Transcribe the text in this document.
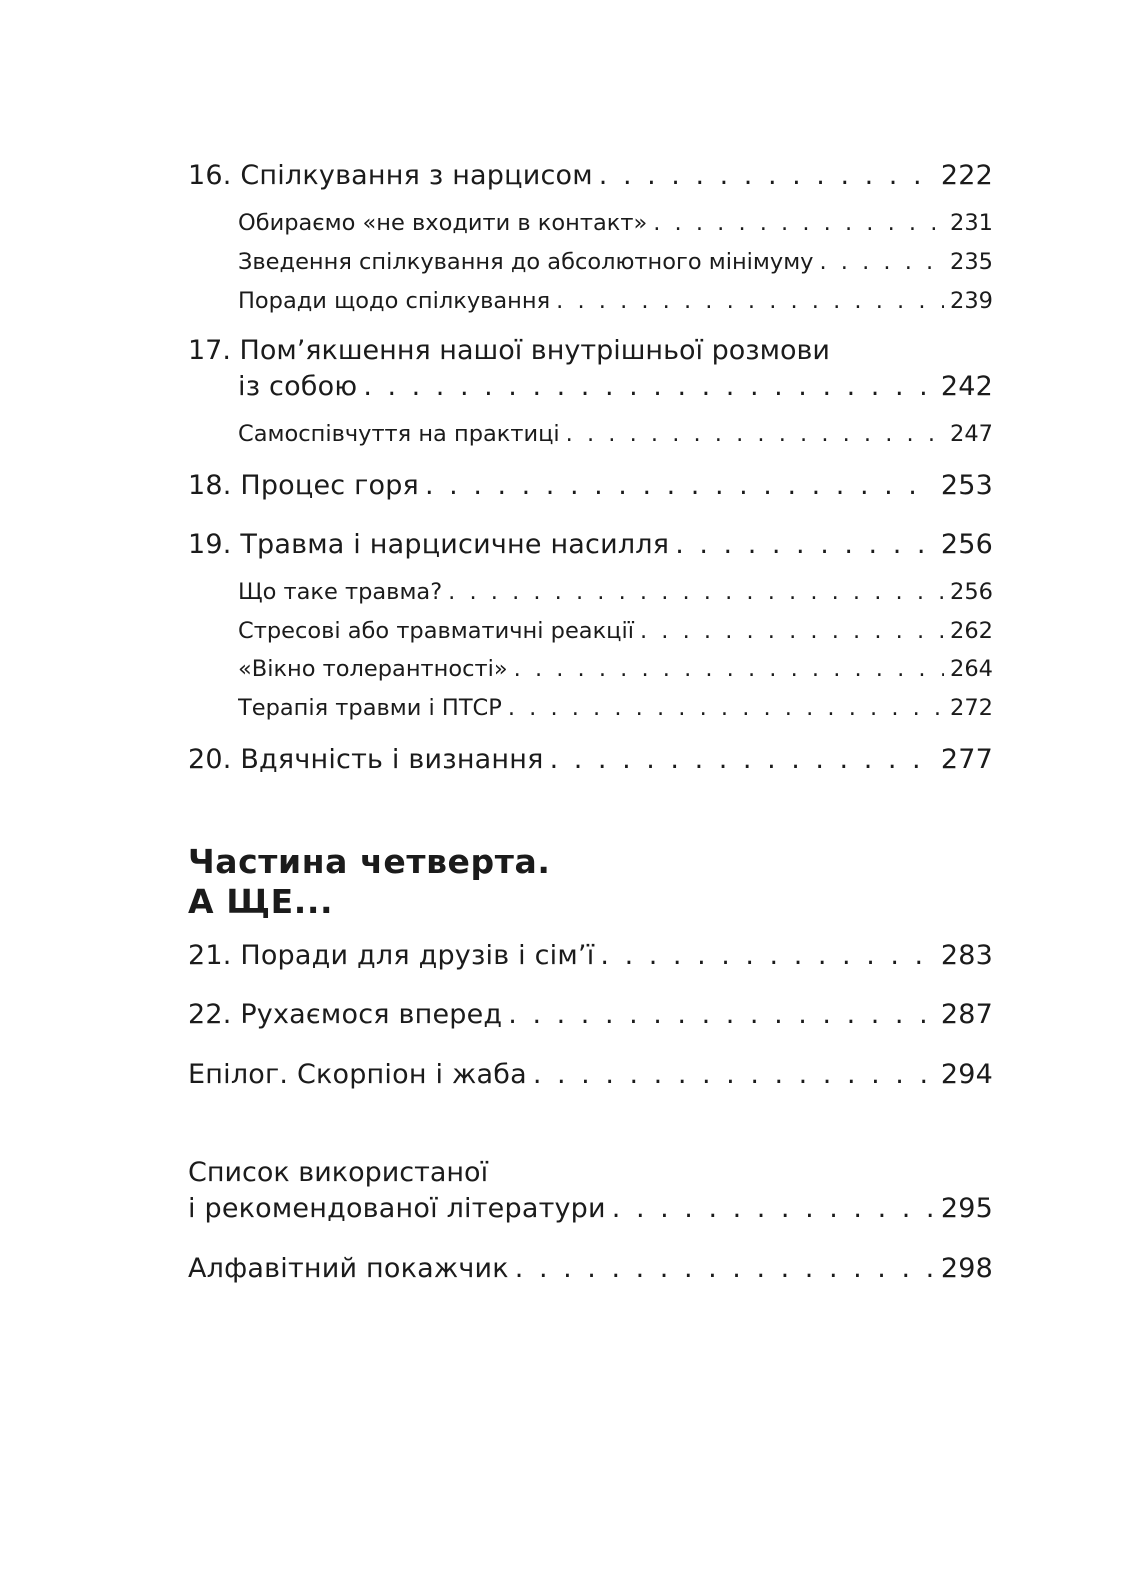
16. Спілкування з нарцисом . . .	222
Обираємо «не входити в контакт» . . .	231
Зведення спілкування до абсолютного мінімуму . . .	235
Поради щодо спілкування . . .	239
17. Пом’якшення нашої внутрішньої розмови
із собою . . .	242
Самоспівчуття на практиці . . .	247
18. Процес горя . . .	253
19. Травма і нарцисичне насилля . . .	256
Що таке травма? . . .	256
Стресові або травматичні реакції . . .	262
«Вікно толерантності» . . .	264
Терапія травми і ПТСР . . .	272
20. Вдячність і визнання . . .	277
Частина четверта.
А ЩЕ...
21. Поради для друзів і сім’ї . . .	283
22. Рухаємося вперед . . .	287
Епілог. Скорпіон і жаба . . .	294
Список використаної
і рекомендованої літератури . . .	295
Алфавітний покажчик . . .	298
